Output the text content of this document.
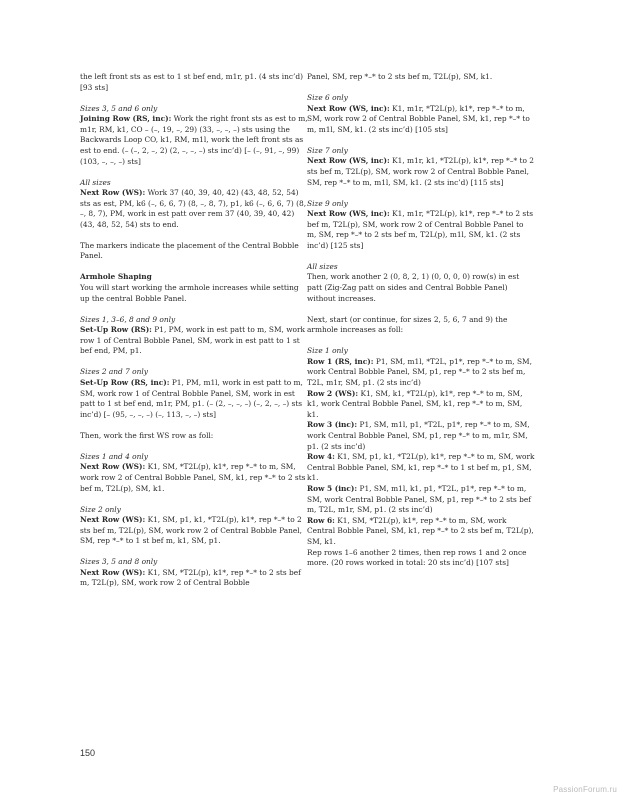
the left front sts as est to 1 st bef end, m1r, p1. (4 sts inc’d) [93 sts]

Sizes 3, 5 and 6 only

Joining Row (RS, inc): Work the right front sts as est to m, m1r, RM, k1, CO – (–, 19, –, 29) (33, –, –, –) sts using the Backwards Loop CO, k1, RM, m1l, work the left front sts as est to end. (– (–, 2, –, 2) (2, –, –, –) sts inc’d) [– (–, 91, –, 99) (103, –, –, –) sts]

All sizes

Next Row (WS): Work 37 (40, 39, 40, 42) (43, 48, 52, 54) sts as est, PM, k6 (–, 6, 6, 7) (8, –, 8, 7), p1, k6 (–, 6, 6, 7) (8, –, 8, 7), PM, work in est patt over rem 37 (40, 39, 40, 42) (43, 48, 52, 54) sts to end.

The markers indicate the placement of the Central Bobble Panel.

Armhole Shaping

You will start working the armhole increases while setting up the central Bobble Panel.

Sizes 1, 3–6, 8 and 9 only

Set-Up Row (RS): P1, PM, work in est patt to m, SM, work row 1 of Central Bobble Panel, SM, work in est patt to 1 st bef end, PM, p1.

Sizes 2 and 7 only

Set-Up Row (RS, inc): P1, PM, m1l, work in est patt to m, SM, work row 1 of Central Bobble Panel, SM, work in est patt to 1 st bef end, m1r, PM, p1. (– (2, –, –, –) (–, 2, –, –) sts inc’d) [– (95, –, –, –) (–, 113, –, –) sts]

Then, work the first WS row as foll:

Sizes 1 and 4 only

Next Row (WS): K1, SM, *T2L(p), k1*, rep *–* to m, SM, work row 2 of Central Bobble Panel, SM, k1, rep *–* to 2 sts bef m, T2L(p), SM, k1.

Size 2 only

Next Row (WS): K1, SM, p1, k1, *T2L(p), k1*, rep *–* to 2 sts bef m, T2L(p), SM, work row 2 of Central Bobble Panel, SM, rep *–* to 1 st bef m, k1, SM, p1.

Sizes 3, 5 and 8 only

Next Row (WS): K1, SM, *T2L(p), k1*, rep *–* to 2 sts bef m, T2L(p), SM, work row 2 of Central Bobble

Panel, SM, rep *–* to 2 sts bef m, T2L(p), SM, k1.

Size 6 only

Next Row (WS, inc): K1, m1r, *T2L(p), k1*, rep *–* to m, SM, work row 2 of Central Bobble Panel, SM, k1, rep *–* to m, m1l, SM, k1. (2 sts inc’d) [105 sts]

Size 7 only

Next Row (WS, inc): K1, m1r, k1, *T2L(p), k1*, rep *–* to 2 sts bef m, T2L(p), SM, work row 2 of Central Bobble Panel, SM, rep *–* to m, m1l, SM, k1. (2 sts inc’d) [115 sts]

Size 9 only

Next Row (WS, inc): K1, m1r, *T2L(p), k1*, rep *–* to 2 sts bef m, T2L(p), SM, work row 2 of Central Bobble Panel to m, SM, rep *–* to 2 sts bef m, T2L(p), m1l, SM, k1. (2 sts inc’d) [125 sts]

All sizes

Then, work another 2 (0, 8, 2, 1) (0, 0, 0, 0) row(s) in est patt (Zig-Zag patt on sides and Central Bobble Panel) without increases.

Next, start (or continue, for sizes 2, 5, 6, 7 and 9) the armhole increases as foll:

Size 1 only

Row 1 (RS, inc): P1, SM, m1l, *T2L, p1*, rep *–* to m, SM, work Central Bobble Panel, SM, p1, rep *–* to 2 sts bef m, T2L, m1r, SM, p1. (2 sts inc’d)

Row 2 (WS): K1, SM, k1, *T2L(p), k1*, rep *–* to m, SM, k1, work Central Bobble Panel, SM, k1, rep *–* to m, SM, k1.

Row 3 (inc): P1, SM, m1l, p1, *T2L, p1*, rep *–* to m, SM, work Central Bobble Panel, SM, p1, rep *–* to m, m1r, SM, p1. (2 sts inc’d)

Row 4: K1, SM, p1, k1, *T2L(p), k1*, rep *–* to m, SM, work Central Bobble Panel, SM, k1, rep *–* to 1 st bef m, p1, SM, k1.

Row 5 (inc): P1, SM, m1l, k1, p1, *T2L, p1*, rep *–* to m, SM, work Central Bobble Panel, SM, p1, rep *–* to 2 sts bef m, T2L, m1r, SM, p1. (2 sts inc’d)

Row 6: K1, SM, *T2L(p), k1*, rep *–* to m, SM, work Central Bobble Panel, SM, k1, rep *–* to 2 sts bef m, T2L(p), SM, k1.

Rep rows 1–6 another 2 times, then rep rows 1 and 2 once more. (20 rows worked in total: 20 sts inc’d) [107 sts]

150
PassionForum.ru
